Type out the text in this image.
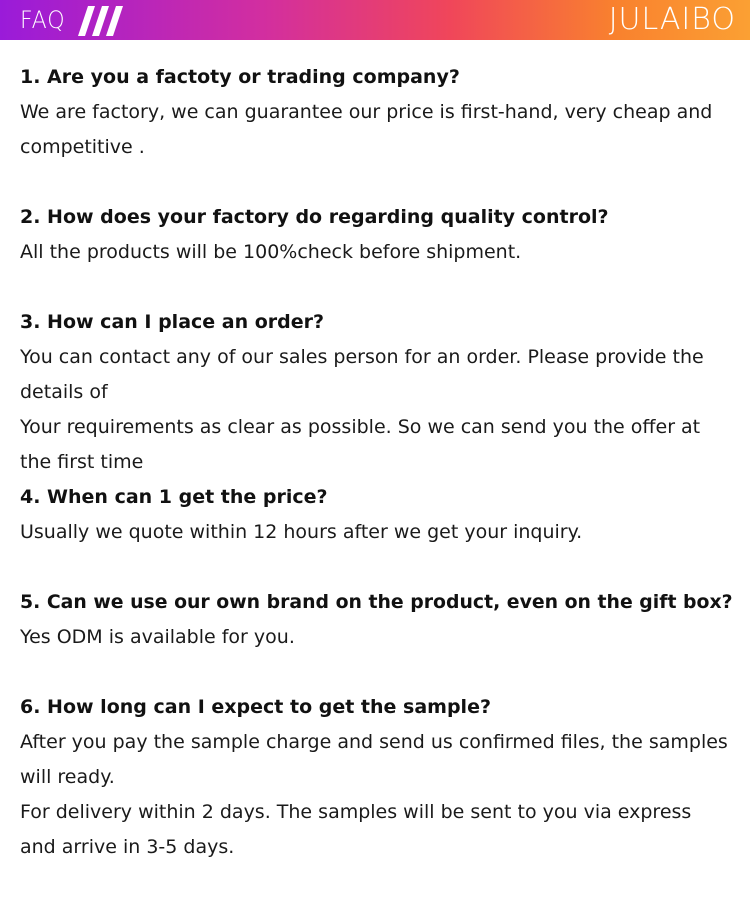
FAQ	JULAIBO
1. Are you a factoty or trading company?
We are factory, we can guarantee our price is first-hand, very cheap and
competitive .
2. How does your factory do regarding quality control?
All the products will be 100%check before shipment.
3. How can I place an order?
You can contact any of our sales person for an order. Please provide the
details of
Your requirements as clear as possible. So we can send you the offer at
the first time
4. When can 1 get the price?
Usually we quote within 12 hours after we get your inquiry.
5. Can we use our own brand on the product, even on the gift box?
Yes ODM is available for you.
6. How long can I expect to get the sample?
After you pay the sample charge and send us confirmed files, the samples
will ready.
For delivery within 2 days. The samples will be sent to you via express
and arrive in 3-5 days.
